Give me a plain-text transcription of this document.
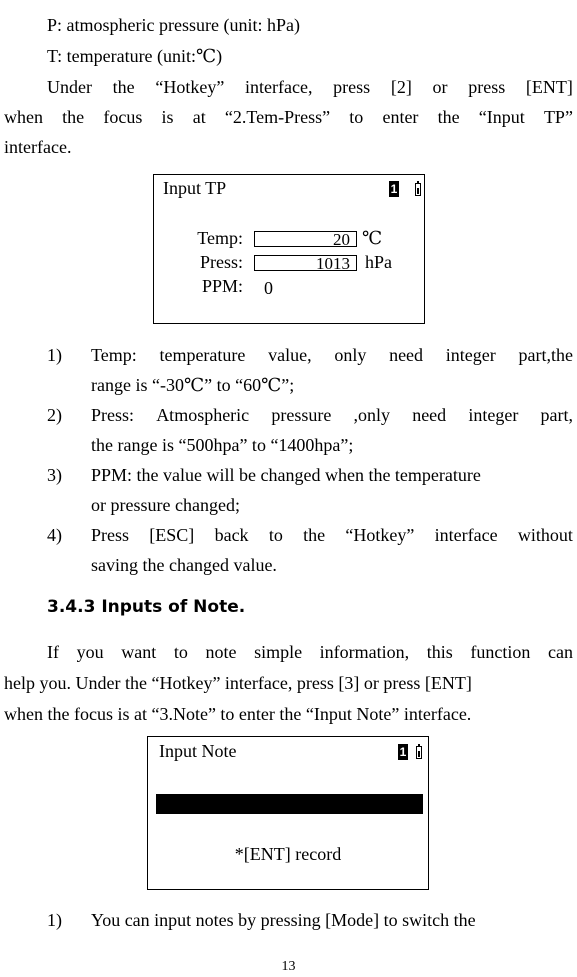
P: atmospheric pressure (unit: hPa)
T: temperature (unit:℃)
Under the “Hotkey” interface, press [2] or press [ENT]
when the focus is at “2.Tem-Press” to enter the “Input TP”
interface.
Input TP	1
Temp:	20 ℃
Press:	1013 hPa
PPM: 0
1) Temp: temperature value, only need integer part,the
range is “-30℃” to “60℃”;
2) Press: Atmospheric pressure ,only need integer part,
the range is “500hpa” to “1400hpa”;
3) PPM: the value will be changed when the temperature
or pressure changed;
4) Press [ESC] back to the “Hotkey” interface without
saving the changed value.
3.4.3 Inputs of Note.
If you want to note simple information, this function can
help you. Under the “Hotkey” interface, press [3] or press [ENT]
when the focus is at “3.Note” to enter the “Input Note” interface.
Input Note	1
*[ENT] record
1) You can input notes by pressing [Mode] to switch the
13
